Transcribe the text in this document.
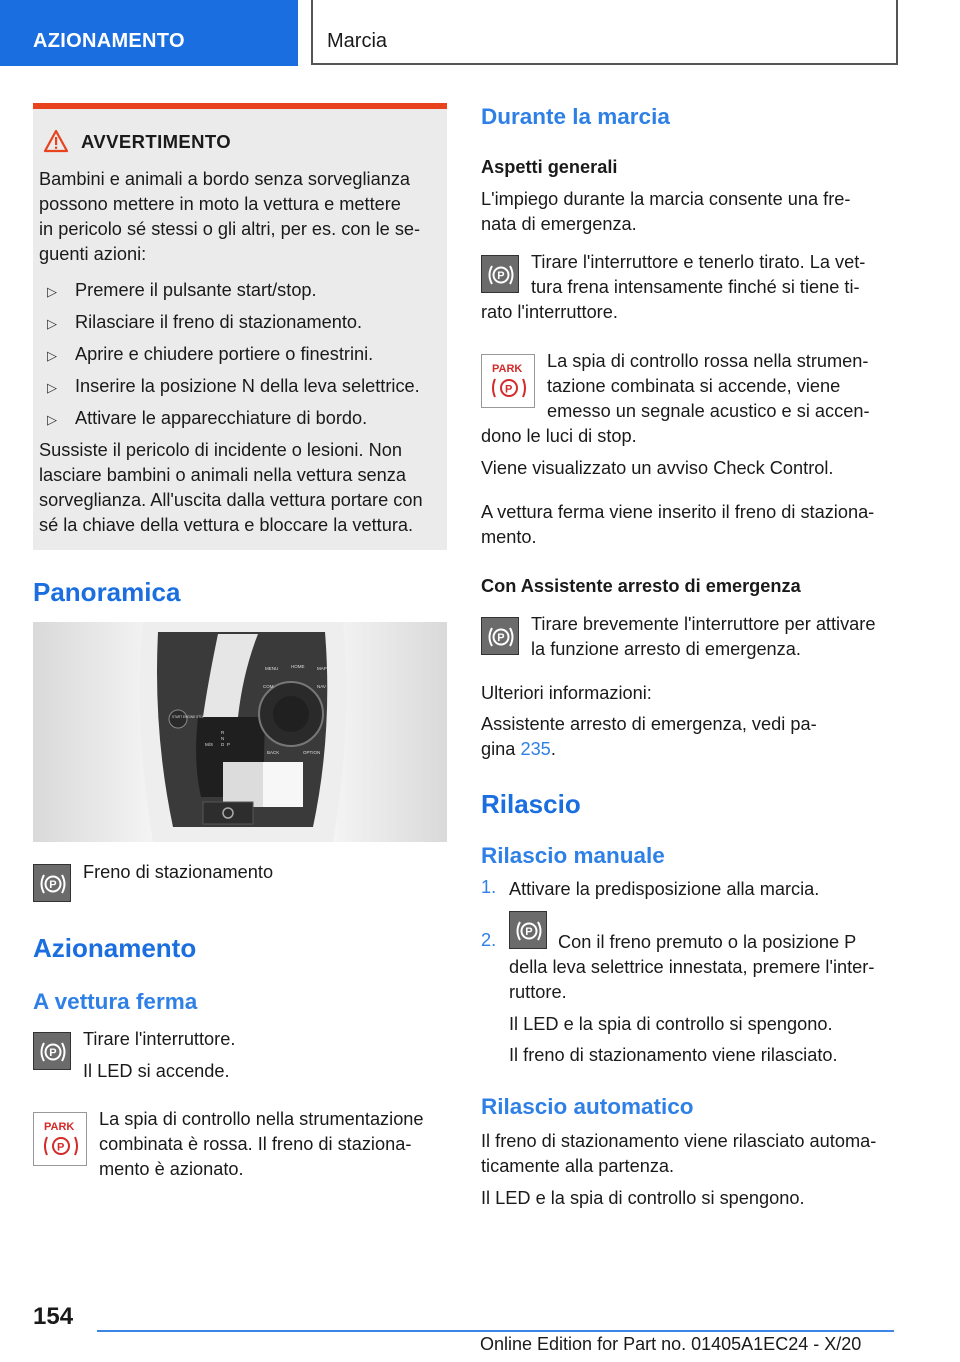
AZIONAMENTO	Marcia
AVVERTIMENTO
Bambini e animali a bordo senza sorveglianza
possono mettere in moto la vettura e mettere
in pericolo sé stessi o gli altri, per es. con le se-
guenti azioni:
▷ Premere il pulsante start/stop.
▷ Rilasciare il freno di stazionamento.
▷ Aprire e chiudere portiere o finestrini.
▷ Inserire la posizione N della leva selettrice.
▷ Attivare le apparecchiature di bordo.
Sussiste il pericolo di incidente o lesioni. Non
lasciare bambini o animali nella vettura senza
sorveglianza. All'uscita dalla vettura portare con
sé la chiave della vettura e bloccare la vettura.
Panoramica
MENU	HOME	MAP
COM	NAV
BACK	OPTION
START ENGINE STOP
R
N
D P
M/S
P
Freno di stazionamento
Azionamento
A vettura ferma
P
Tirare l'interruttore.
Il LED si accende.
PARK
P
La spia di controllo nella strumentazione
combinata è rossa. Il freno di staziona-
mento è azionato.
Durante la marcia
Aspetti generali
L'impiego durante la marcia consente una fre-
nata di emergenza.
P
Tirare l'interruttore e tenerlo tirato. La vet-
tura frena intensamente finché si tiene ti-
rato l'interruttore.
PARK
P
La spia di controllo rossa nella strumen-
tazione combinata si accende, viene
emesso un segnale acustico e si accen-
dono le luci di stop.
Viene visualizzato un avviso Check Control.
A vettura ferma viene inserito il freno di staziona-
mento.
Con Assistente arresto di emergenza
P
Tirare brevemente l'interruttore per attivare
la funzione arresto di emergenza.
Ulteriori informazioni:
Assistente arresto di emergenza, vedi pa-
gina 235.
Rilascio
Rilascio manuale
1. Attivare la predisposizione alla marcia.
2.	P Con il freno premuto o la posizione P
della leva selettrice innestata, premere l'inter-
ruttore.
Il LED e la spia di controllo si spengono.
Il freno di stazionamento viene rilasciato.
Rilascio automatico
Il freno di stazionamento viene rilasciato automa-
ticamente alla partenza.
Il LED e la spia di controllo si spengono.
154
Online Edition for Part no. 01405A1EC24 - X/20
